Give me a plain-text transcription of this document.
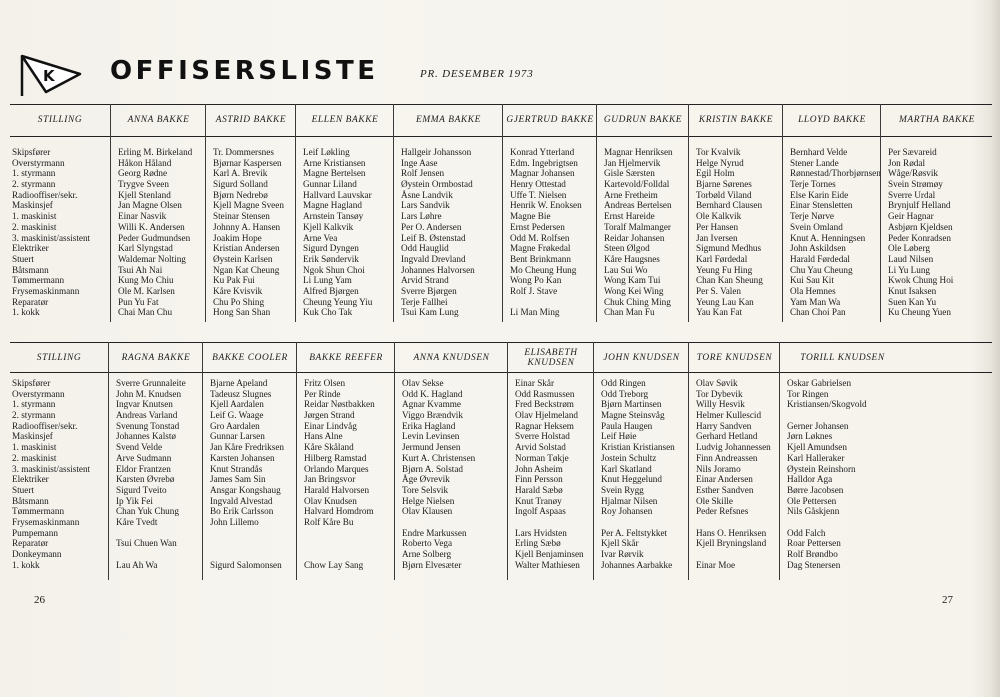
K OFFISERSLISTE	PR. DESEMBER 1973
STILLING
Skipsfører
Overstyrmann
1. styrmann
2. styrmann
Radiooffiser/sekr.
Maskinsjef
1. maskinist
2. maskinist
3. maskinist/assistent
Elektriker
Stuert
Båtsmann
Tømmermann
Frysemaskinmann
Reparatør
1. kokk
ANNA BAKKE
Erling M. Birkeland
Håkon Håland
Georg Rødne
Trygve Sveen
Kjell Stenland
Jan Magne Olsen
Einar Nasvik
Willi K. Andersen
Peder Gudmundsen
Karl Slyngstad
Waldemar Nolting
Tsui Ah Nai
Kung Mo Chiu
Ole M. Karlsen
Pun Yu Fat
Chai Man Chu
ASTRID BAKKE
Tr. Dommersnes
Bjørnar Kaspersen
Karl A. Brevik
Sigurd Solland
Bjørn Nedrebø
Kjell Magne Sveen
Steinar Stensen
Johnny A. Hansen
Joakim Hope
Kristian Andersen
Øystein Karlsen
Ngan Kat Cheung
Ku Pak Fui
Kåre Kvisvik
Chu Po Shing
Hong San Shan
ELLEN BAKKE
Leif Løkling
Arne Kristiansen
Magne Bertelsen
Gunnar Liland
Hallvard Lauvskar
Magne Hagland
Arnstein Tansøy
Kjell Kalkvik
Arne Vea
Sigurd Dyngen
Erik Søndervik
Ngok Shun Choi
Li Lung Yam
Alfred Bjørgen
Cheung Yeung Yiu
Kuk Cho Tak
EMMA BAKKE
Hallgeir Johansson
Inge Aase
Rolf Jensen
Øystein Ormbostad
Åsne Landvik
Lars Sandvik
Lars Løhre
Per O. Andersen
Leif B. Østenstad
Odd Hauglid
Ingvald Drevland
Johannes Halvorsen
Arvid Strand
Sverre Bjørgen
Terje Fallhei
Tsui Kam Lung
GJERTRUD BAKKE
Konrad Ytterland
Edm. Ingebrigtsen
Magnar Johansen
Henry Ottestad
Uffe T. Nielsen
Henrik W. Enoksen
Magne Bie
Ernst Pedersen
Odd M. Rolfsen
Magne Frøkedal
Bent Brinkmann
Mo Cheung Hung
Wong Po Kan
Rolf J. Stave
Li Man Ming
GUDRUN BAKKE
Magnar Henriksen
Jan Hjelmervik
Gisle Særsten
Kartevold/Folldal
Arne Fretheim
Andreas Bertelsen
Ernst Hareide
Toralf Malmanger
Reidar Johansen
Steen Ølgod
Kåre Haugsnes
Lau Sui Wo
Wong Kam Tui
Wong Kei Wing
Chuk Ching Ming
Chan Man Fu
KRISTIN BAKKE
Tor Kvalvik
Helge Nyrud
Egil Holm
Bjarne Sørenes
Torbøld Viland
Bernhard Clausen
Ole Kalkvik
Per Hansen
Jan Iversen
Sigmund Medhus
Karl Førdedal
Yeung Fu Hing
Chan Kan Sheung
Per S. Valen
Yeung Lau Kan
Yau Kan Fat
LLOYD BAKKE
Bernhard Velde
Stener Lande
Rønnestad/Thorbjørnsen
Terje Tornes
Else Karin Eide
Einar Stensletten
Terje Nørve
Svein Omland
Knut A. Henningsen
John Askildsen
Harald Førdedal
Chu Yau Cheung
Kui Sau Kit
Ola Hemnes
Yam Man Wa
Chan Choi Pan
MARTHA BAKKE
Per Sævareid
Jon Rødal
Wåge/Røsvik
Svein Strømøy
Sverre Urdal
Brynjulf Helland
Geir Hagnar
Asbjørn Kjeldsen
Peder Konradsen
Ole Løberg
Laud Nilsen
Li Yu Lung
Kwok Chung Hoi
Knut Isaksen
Suen Kan Yu
Ku Cheung Yuen
STILLING
Skipsfører
Overstyrmann
1. styrmann
2. styrmann
Radiooffiser/sekr.
Maskinsjef
1. maskinist
2. maskinist
3. maskinist/assistent
Elektriker
Stuert
Båtsmann
Tømmermann
Frysemaskinmann
Pumpemann
Reparatør
Donkeymann
1. kokk
RAGNA BAKKE
Sverre Grunnaleite
John M. Knudsen
Ingvar Knutsen
Andreas Varland
Svenung Tonstad
Johannes Kalstø
Svend Velde
Arve Sudmann
Eldor Frantzen
Karsten Øvrebø
Sigurd Tveito
Ip Yik Fei
Chan Yuk Chung
Kåre Tvedt
Tsui Chuen Wan
Lau Ah Wa
BAKKE COOLER
Bjarne Apeland
Tadeusz Slugnes
Kjell Aardalen
Leif G. Waage
Gro Aardalen
Gunnar Larsen
Jan Kåre Fredriksen
Karsten Johansen
Knut Strandås
James Sam Sin
Ansgar Kongshaug
Ingvald Alvestad
Bo Erik Carlsson
John Lillemo
Sigurd Salomonsen
BAKKE REEFER
Fritz Olsen
Per Rinde
Reidar Nøstbakken
Jørgen Strand
Einar Lindvåg
Hans Alne
Kåre Skåland
Hilberg Ramstad
Orlando Marques
Jan Bringsvor
Harald Halvorsen
Olav Knudsen
Halvard Homdrom
Rolf Kåre Bu
Chow Lay Sang
ANNA KNUDSEN
Olav Sekse
Odd K. Hagland
Agnar Kvamme
Viggo Brændvik
Erika Hagland
Levin Levinsen
Jermund Jensen
Kurt A. Christensen
Bjørn A. Solstad
Åge Øvrevik
Tore Selsvik
Helge Nielsen
Olav Klausen
Endre Markussen
Roberto Vega
Arne Solberg
Bjørn Elvesæter
ELISABETH KNUDSEN
Einar Skår
Odd Rasmussen
Fred Beckstrøm
Olav Hjelmeland
Ragnar Heksem
Sverre Holstad
Arvid Solstad
Norman Tøkje
John Asheim
Finn Persson
Harald Sæbø
Knut Tranøy
Ingolf Aspaas
Lars Hvidsten
Erling Sæbø
Kjell Benjaminsen
Walter Mathiesen
JOHN KNUDSEN
Odd Ringen
Odd Treborg
Bjørn Martinsen
Magne Steinsvåg
Paula Haugen
Leif Høie
Kristian Kristiansen
Jostein Schultz
Karl Skatland
Knut Heggelund
Svein Rygg
Hjalmar Nilsen
Roy Johansen
Per A. Feltstykket
Kjell Skår
Ivar Rørvik
Johannes Aarbakke
TORE KNUDSEN
Olav Søvik
Tor Dybevik
Willy Hesvik
Helmer Kullescid
Harry Sandven
Gerhard Hetland
Ludvig Johannessen
Finn Andreassen
Nils Joramo
Einar Andersen
Esther Sandven
Ole Skille
Peder Refsnes
Hans O. Henriksen
Kjell Bryningsland
Einar Moe
TORILL KNUDSEN
Oskar Gabrielsen
Tor Ringen
Kristiansen/Skogvold
Gerner Johansen
Jørn Løknes
Kjell Amundsen
Karl Halleraker
Øystein Reinshorn
Halldor Aga
Børre Jacobsen
Ole Pettersen
Nils Gåskjenn
Odd Falch
Roar Pettersen
Rolf Brøndbo
Dag Stenersen
26	27
